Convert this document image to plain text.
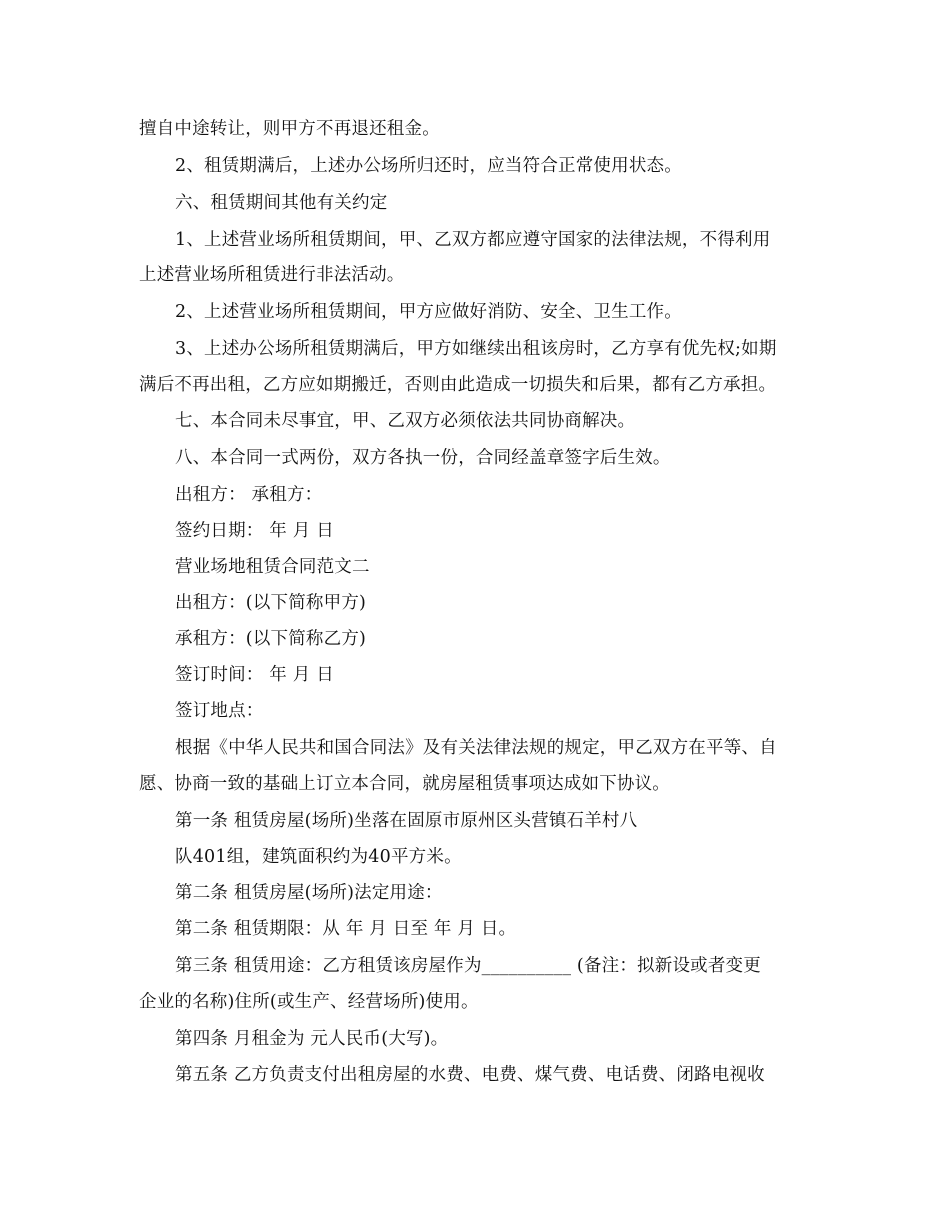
擅自中途转让，则甲方不再退还租金。
2、租赁期满后，上述办公场所归还时，应当符合正常使用状态。
六、租赁期间其他有关约定
1、上述营业场所租赁期间，甲、乙双方都应遵守国家的法律法规，不得利用
上述营业场所租赁进行非法活动。
2、上述营业场所租赁期间，甲方应做好消防、安全、卫生工作。
3、上述办公场所租赁期满后，甲方如继续出租该房时，乙方享有优先权;如期
满后不再出租，乙方应如期搬迁，否则由此造成一切损失和后果，都有乙方承担。
七、本合同未尽事宜，甲、乙双方必须依法共同协商解决。
八、本合同一式两份，双方各执一份，合同经盖章签字后生效。
出租方： 承租方：
签约日期： 年 月 日
营业场地租赁合同范文二
出租方：(以下简称甲方)
承租方：(以下简称乙方)
签订时间： 年 月 日
签订地点：
根据《中华人民共和国合同法》及有关法律法规的规定，甲乙双方在平等、自
愿、协商一致的基础上订立本合同，就房屋租赁事项达成如下协议。
第一条 租赁房屋(场所)坐落在固原市原州区头营镇石羊村八
队401组，建筑面积约为40平方米。
第二条 租赁房屋(场所)法定用途：
第二条 租赁期限：从 年 月 日至 年 月 日。
第三条 租赁用途：乙方租赁该房屋作为__________ (备注：拟新设或者变更
企业的名称)住所(或生产、经营场所)使用。
第四条 月租金为 元人民币(大写)。
第五条 乙方负责支付出租房屋的水费、电费、煤气费、电话费、闭路电视收
